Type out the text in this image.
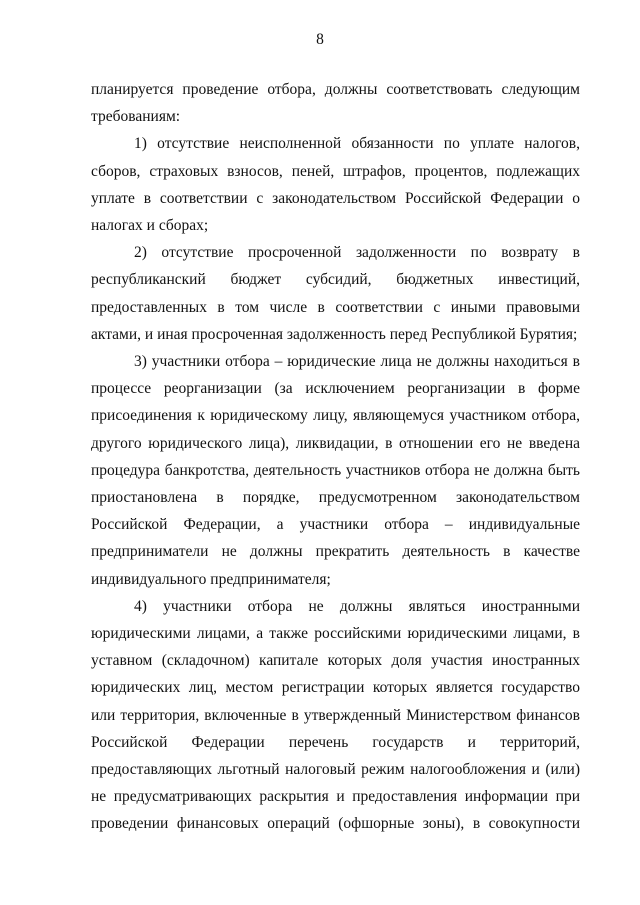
8

планируется проведение отбора, должны соответствовать следующим требованиям:

1) отсутствие неисполненной обязанности по уплате налогов, сборов, страховых взносов, пеней, штрафов, процентов, подлежащих уплате в соответствии с законодательством Российской Федерации о налогах и сборах;

2) отсутствие просроченной задолженности по возврату в республиканский бюджет субсидий, бюджетных инвестиций, предоставленных в том числе в соответствии с иными правовыми актами, и иная просроченная задолженность перед Республикой Бурятия;

3) участники отбора – юридические лица не должны находиться в процессе реорганизации (за исключением реорганизации в форме присоединения к юридическому лицу, являющемуся участником отбора, другого юридического лица), ликвидации, в отношении его не введена процедура банкротства, деятельность участников отбора не должна быть приостановлена в порядке, предусмотренном законодательством Российской Федерации, а участники отбора – индивидуальные предприниматели не должны прекратить деятельность в качестве индивидуального предпринимателя;

4) участники отбора не должны являться иностранными юридическими лицами, а также российскими юридическими лицами, в уставном (складочном) капитале которых доля участия иностранных юридических лиц, местом регистрации которых является государство или территория, включенные в утвержденный Министерством финансов Российской Федерации перечень государств и территорий, предоставляющих льготный налоговый режим налогообложения и (или) не предусматривающих раскрытия и предоставления информации при проведении финансовых операций (офшорные зоны), в совокупности
